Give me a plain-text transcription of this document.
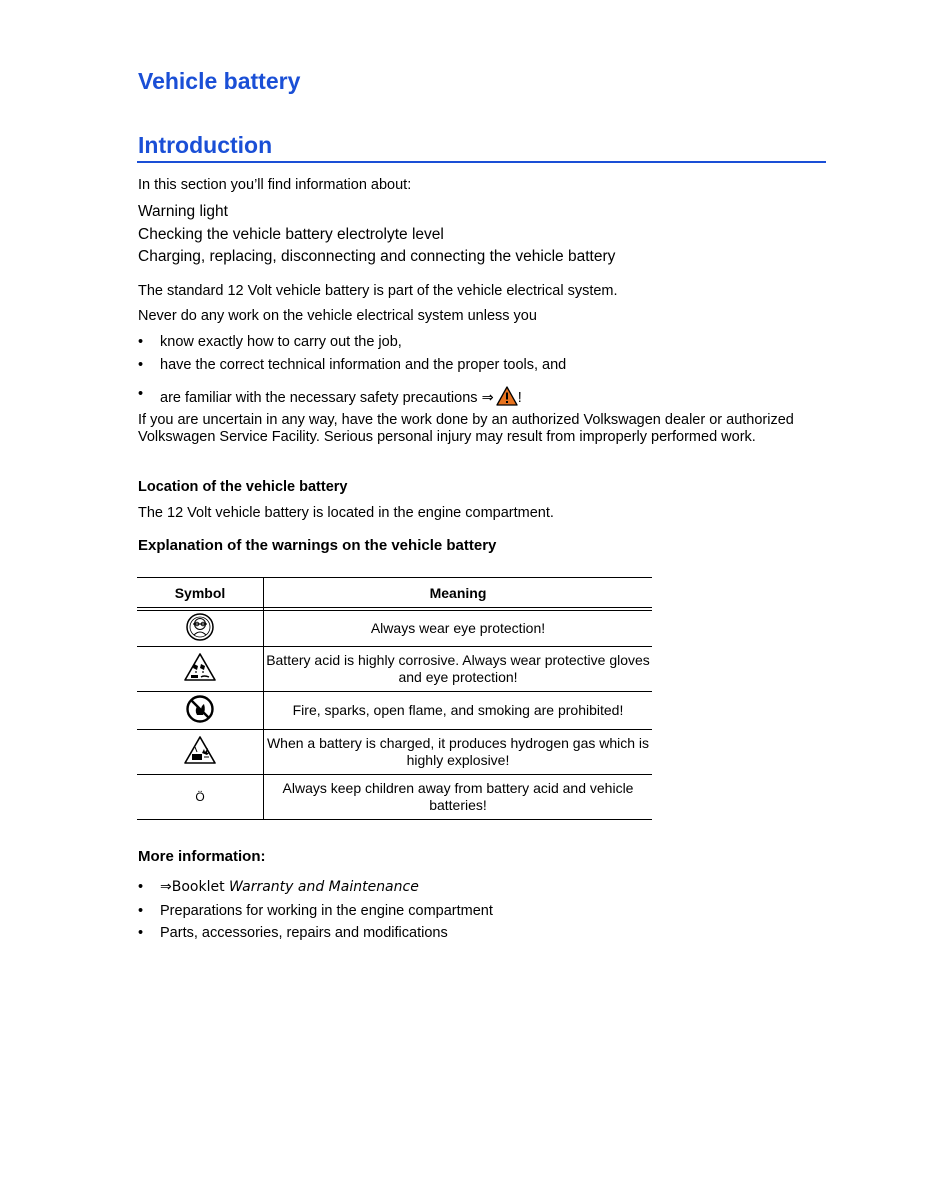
Vehicle battery
Introduction
In this section you’ll find information about:
Warning light
Checking the vehicle battery electrolyte level
Charging, replacing, disconnecting and connecting the vehicle battery
The standard 12 Volt vehicle battery is part of the vehicle electrical system.
Never do any work on the vehicle electrical system unless you
•	know exactly how to carry out the job,
•	have the correct technical information and the proper tools, and
•	are familiar with the necessary safety precautions ⇒ !
If you are uncertain in any way, have the work done by an authorized Volkswagen dealer or authorized Volkswagen Service Facility. Serious personal injury may result from improperly performed work.
Location of the vehicle battery
The 12 Volt vehicle battery is located in the engine compartment.
Explanation of the warnings on the vehicle battery
Symbol	Meaning

	Always wear eye protection!
	Battery acid is highly corrosive. Always wear protective gloves and eye protection!
	Fire, sparks, open flame, and smoking are prohibited!
	When a battery is charged, it produces hydrogen gas which is highly explosive!
Ö	Always keep children away from battery acid and vehicle batteries!
More information:
•	⇒Booklet Warranty and Maintenance
•	Preparations for working in the engine compartment
•	Parts, accessories, repairs and modifications
